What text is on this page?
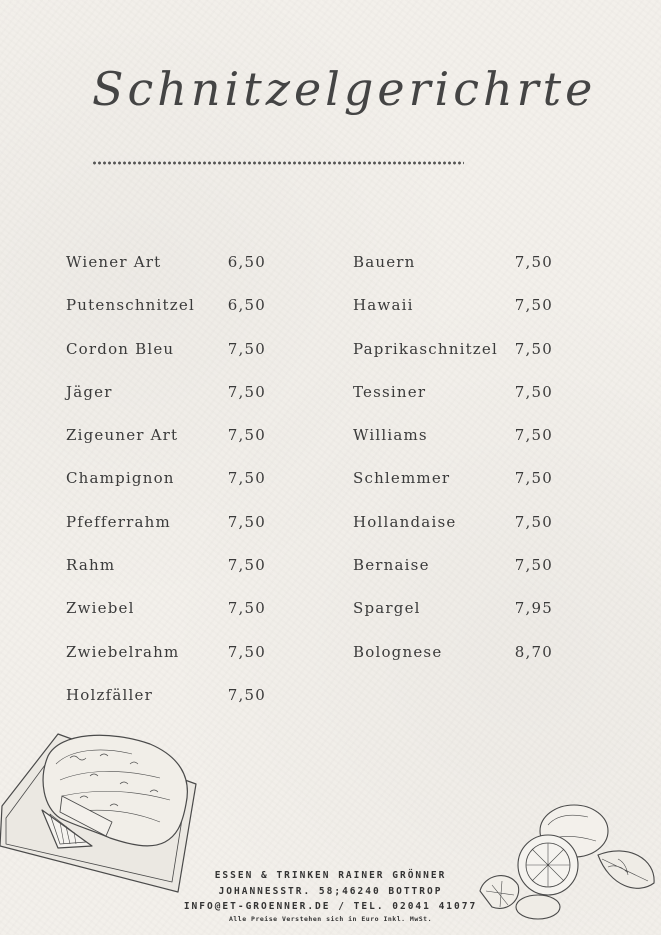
Schnitzelgerichrte
Wiener Art	6,50
Putenschnitzel 6,50
Cordon Bleu	7,50
Jäger	7,50
Zigeuner Art	7,50
Champignon	7,50
Pfefferrahm	7,50
Rahm	7,50
Zwiebel	7,50
Zwiebelrahm	7,50
Holzfäller	7,50
Bauern	7,50
Hawaii	7,50
Paprikaschnitzel 7,50
Tessiner	7,50
Williams	7,50
Schlemmer	7,50
Hollandaise	7,50
Bernaise	7,50
Spargel	7,95
Bolognese	8,70
ESSEN & TRINKEN RAINER GRÖNNER
JOHANNESSTR. 58;46240 BOTTROP
INFO@ET-GROENNER.DE / TEL. 02041 41077
Alle Preise Verstehen sich in Euro Inkl. MwSt.
